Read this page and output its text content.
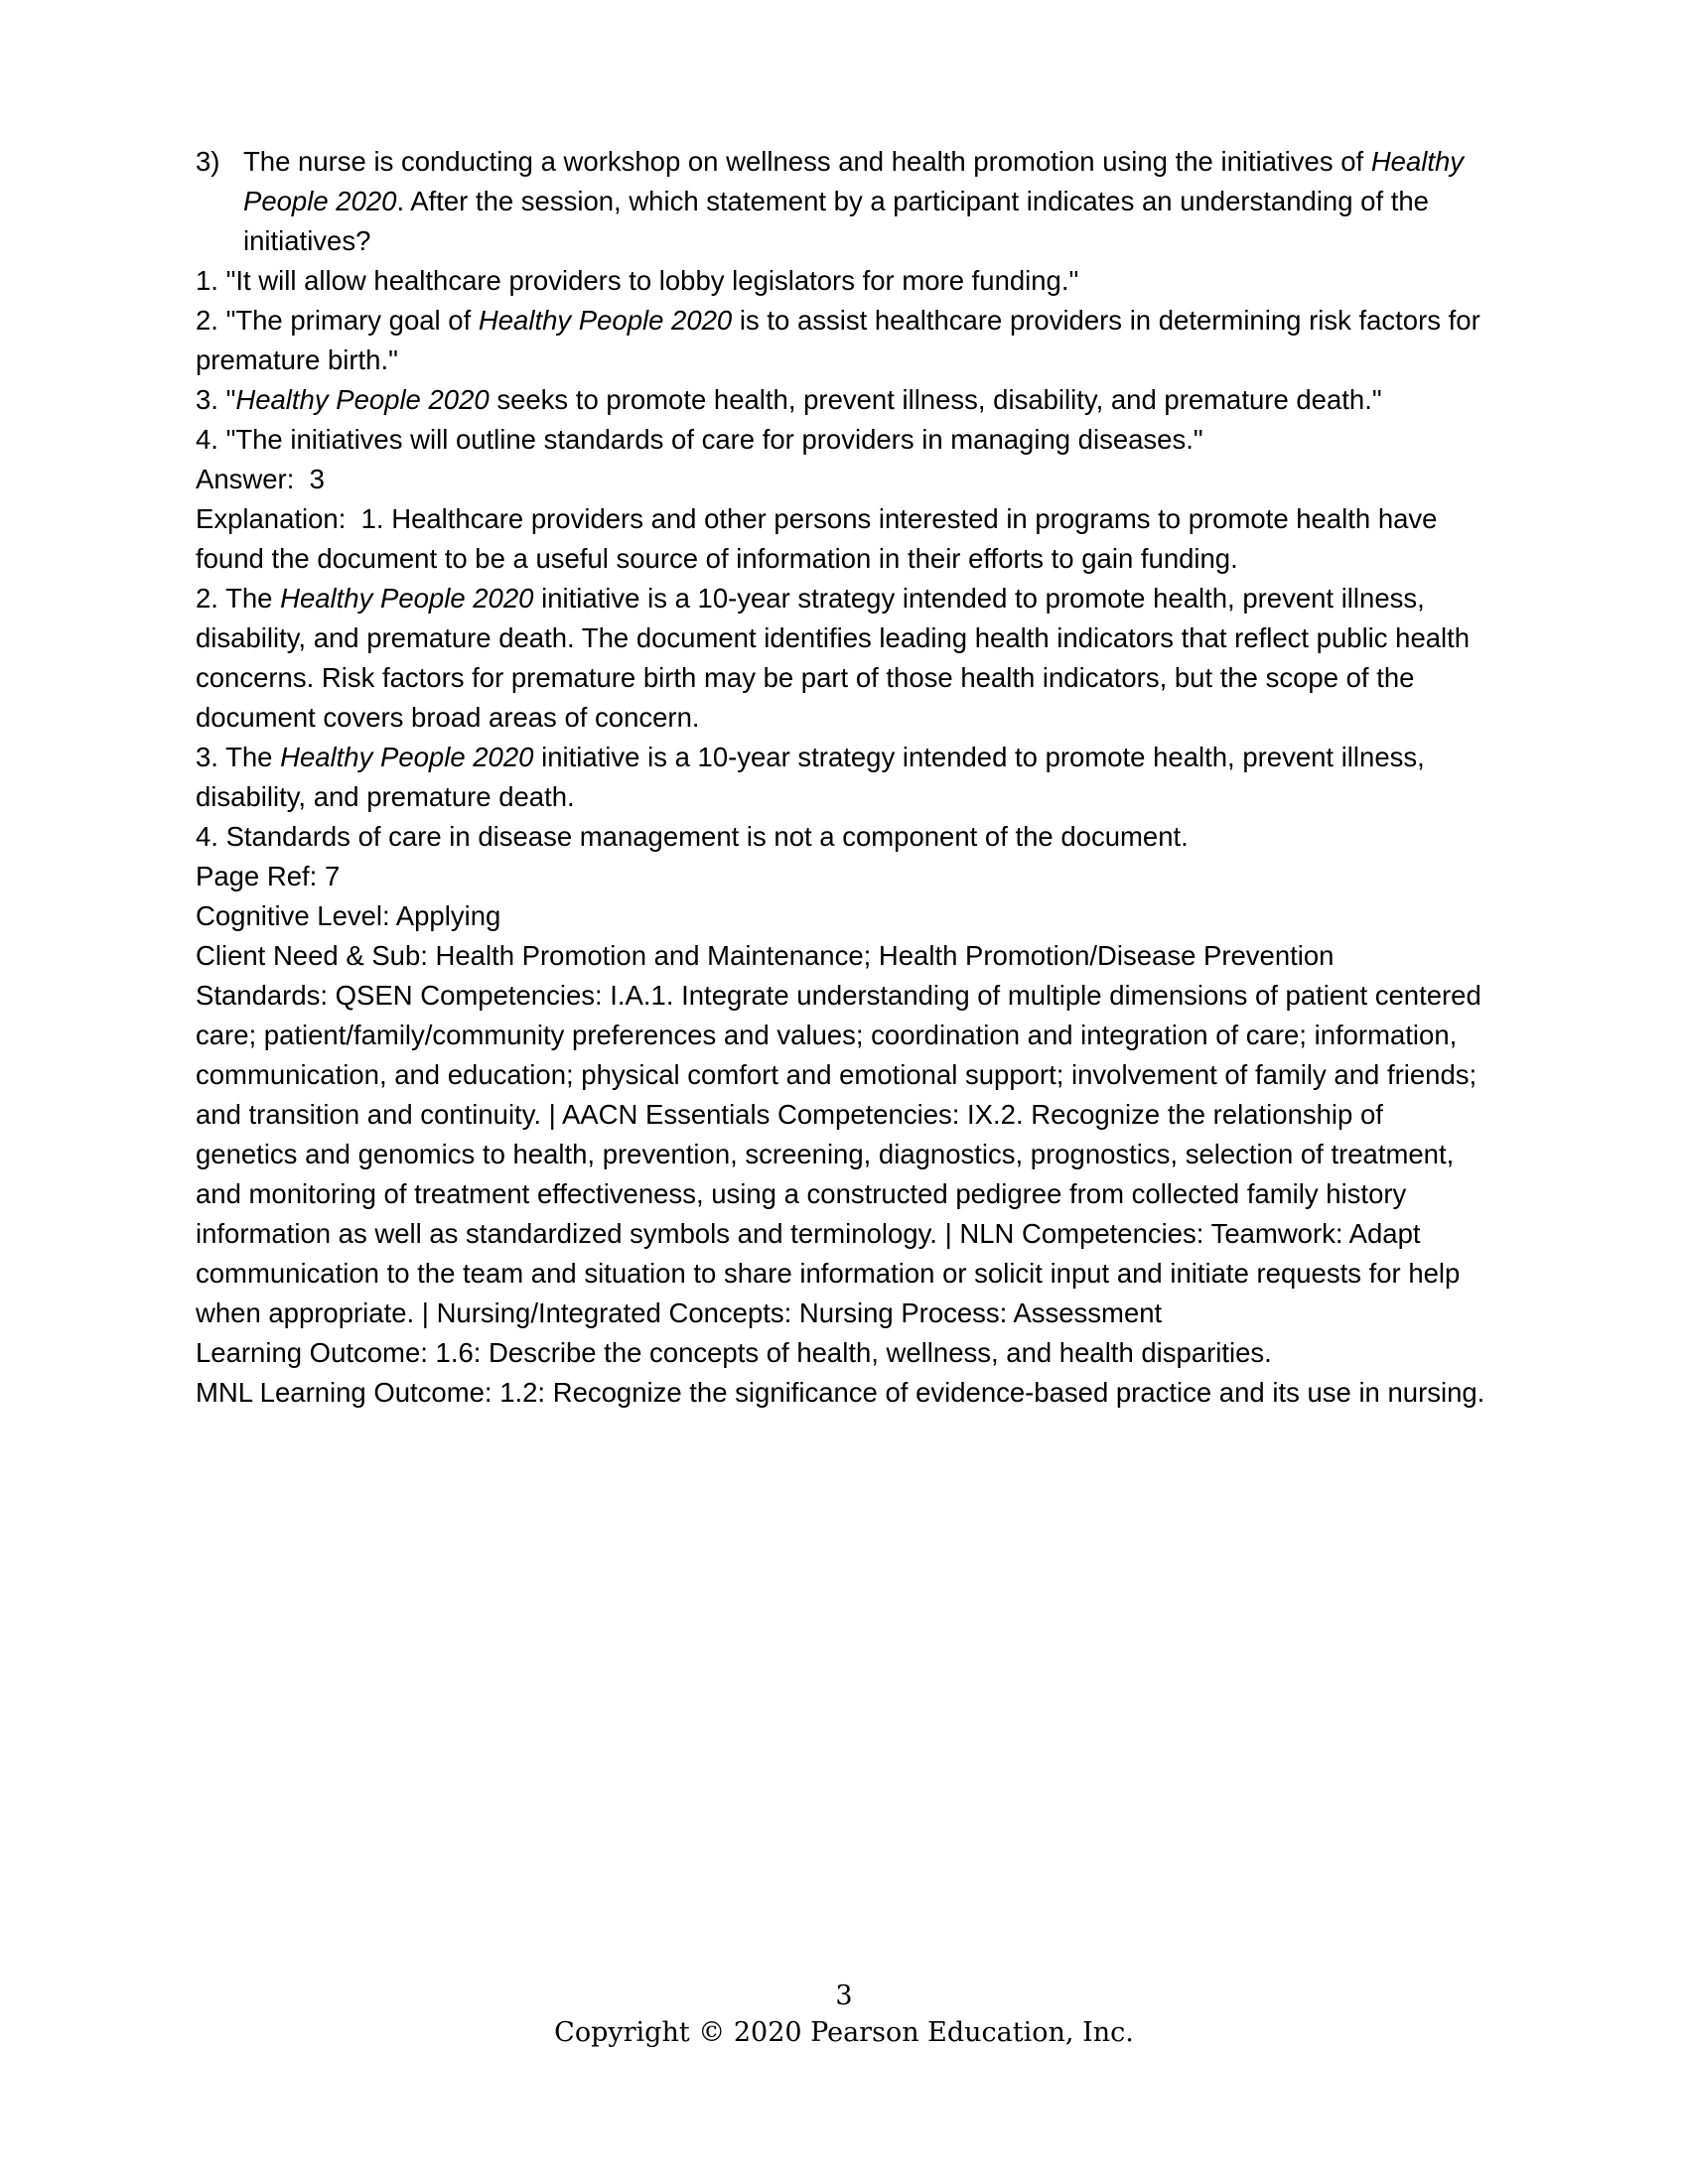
3) The nurse is conducting a workshop on wellness and health promotion using the initiatives of Healthy People 2020. After the session, which statement by a participant indicates an understanding of the initiatives?
1. "It will allow healthcare providers to lobby legislators for more funding."
2. "The primary goal of Healthy People 2020 is to assist healthcare providers in determining risk factors for premature birth."
3. "Healthy People 2020 seeks to promote health, prevent illness, disability, and premature death."
4. "The initiatives will outline standards of care for providers in managing diseases."
Answer: 3
Explanation: 1. Healthcare providers and other persons interested in programs to promote health have found the document to be a useful source of information in their efforts to gain funding.
2. The Healthy People 2020 initiative is a 10-year strategy intended to promote health, prevent illness, disability, and premature death. The document identifies leading health indicators that reflect public health concerns. Risk factors for premature birth may be part of those health indicators, but the scope of the document covers broad areas of concern.
3. The Healthy People 2020 initiative is a 10-year strategy intended to promote health, prevent illness, disability, and premature death.
4. Standards of care in disease management is not a component of the document.
Page Ref: 7
Cognitive Level: Applying
Client Need & Sub: Health Promotion and Maintenance; Health Promotion/Disease Prevention
Standards: QSEN Competencies: I.A.1. Integrate understanding of multiple dimensions of patient centered care; patient/family/community preferences and values; coordination and integration of care; information, communication, and education; physical comfort and emotional support; involvement of family and friends; and transition and continuity. | AACN Essentials Competencies: IX.2. Recognize the relationship of genetics and genomics to health, prevention, screening, diagnostics, prognostics, selection of treatment, and monitoring of treatment effectiveness, using a constructed pedigree from collected family history information as well as standardized symbols and terminology. | NLN Competencies: Teamwork: Adapt communication to the team and situation to share information or solicit input and initiate requests for help when appropriate. | Nursing/Integrated Concepts: Nursing Process: Assessment
Learning Outcome: 1.6: Describe the concepts of health, wellness, and health disparities.
MNL Learning Outcome: 1.2: Recognize the significance of evidence-based practice and its use in nursing.
3
Copyright © 2020 Pearson Education, Inc.
